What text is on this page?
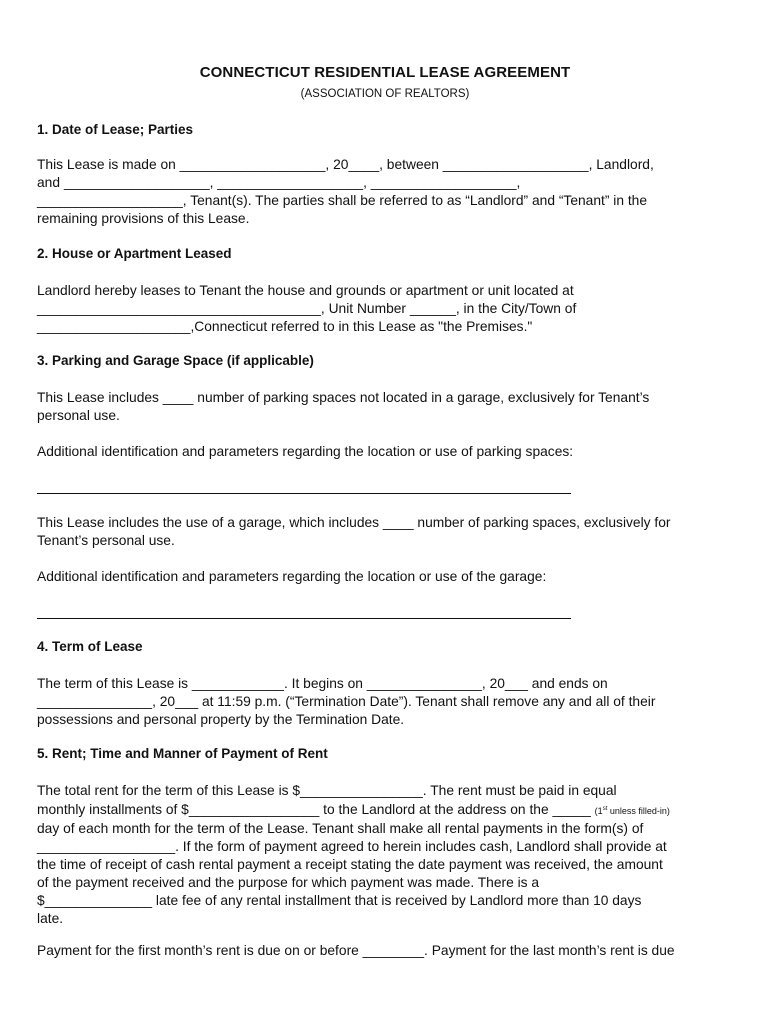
CONNECTICUT RESIDENTIAL LEASE AGREEMENT
(ASSOCIATION OF REALTORS)
1. Date of Lease; Parties
This Lease is made on ___________________, 20____, between ___________________, Landlord,
and ___________________, ___________________, ___________________,
___________________, Tenant(s). The parties shall be referred to as “Landlord” and “Tenant” in the
remaining provisions of this Lease.
2. House or Apartment Leased
Landlord hereby leases to Tenant the house and grounds or apartment or unit located at
_____________________________________, Unit Number ______, in the City/Town of
____________________,Connecticut referred to in this Lease as "the Premises."
3. Parking and Garage Space (if applicable)
This Lease includes ____ number of parking spaces not located in a garage, exclusively for Tenant’s
personal use.
Additional identification and parameters regarding the location or use of parking spaces:
This Lease includes the use of a garage, which includes ____ number of parking spaces, exclusively for
Tenant’s personal use.
Additional identification and parameters regarding the location or use of the garage:
4. Term of Lease
The term of this Lease is ____________. It begins on _______________, 20___ and ends on
_______________, 20___ at 11:59 p.m. (“Termination Date”). Tenant shall remove any and all of their
possessions and personal property by the Termination Date.
5. Rent; Time and Manner of Payment of Rent
The total rent for the term of this Lease is $________________. The rent must be paid in equal
monthly installments of $_________________ to the Landlord at the address on the _____ (1st unless filled-in)
day of each month for the term of the Lease. Tenant shall make all rental payments in the form(s) of
__________________. If the form of payment agreed to herein includes cash, Landlord shall provide at
the time of receipt of cash rental payment a receipt stating the date payment was received, the amount
of the payment received and the purpose for which payment was made. There is a
$______________ late fee of any rental installment that is received by Landlord more than 10 days
late.
Payment for the first month’s rent is due on or before ________. Payment for the last month’s rent is due
